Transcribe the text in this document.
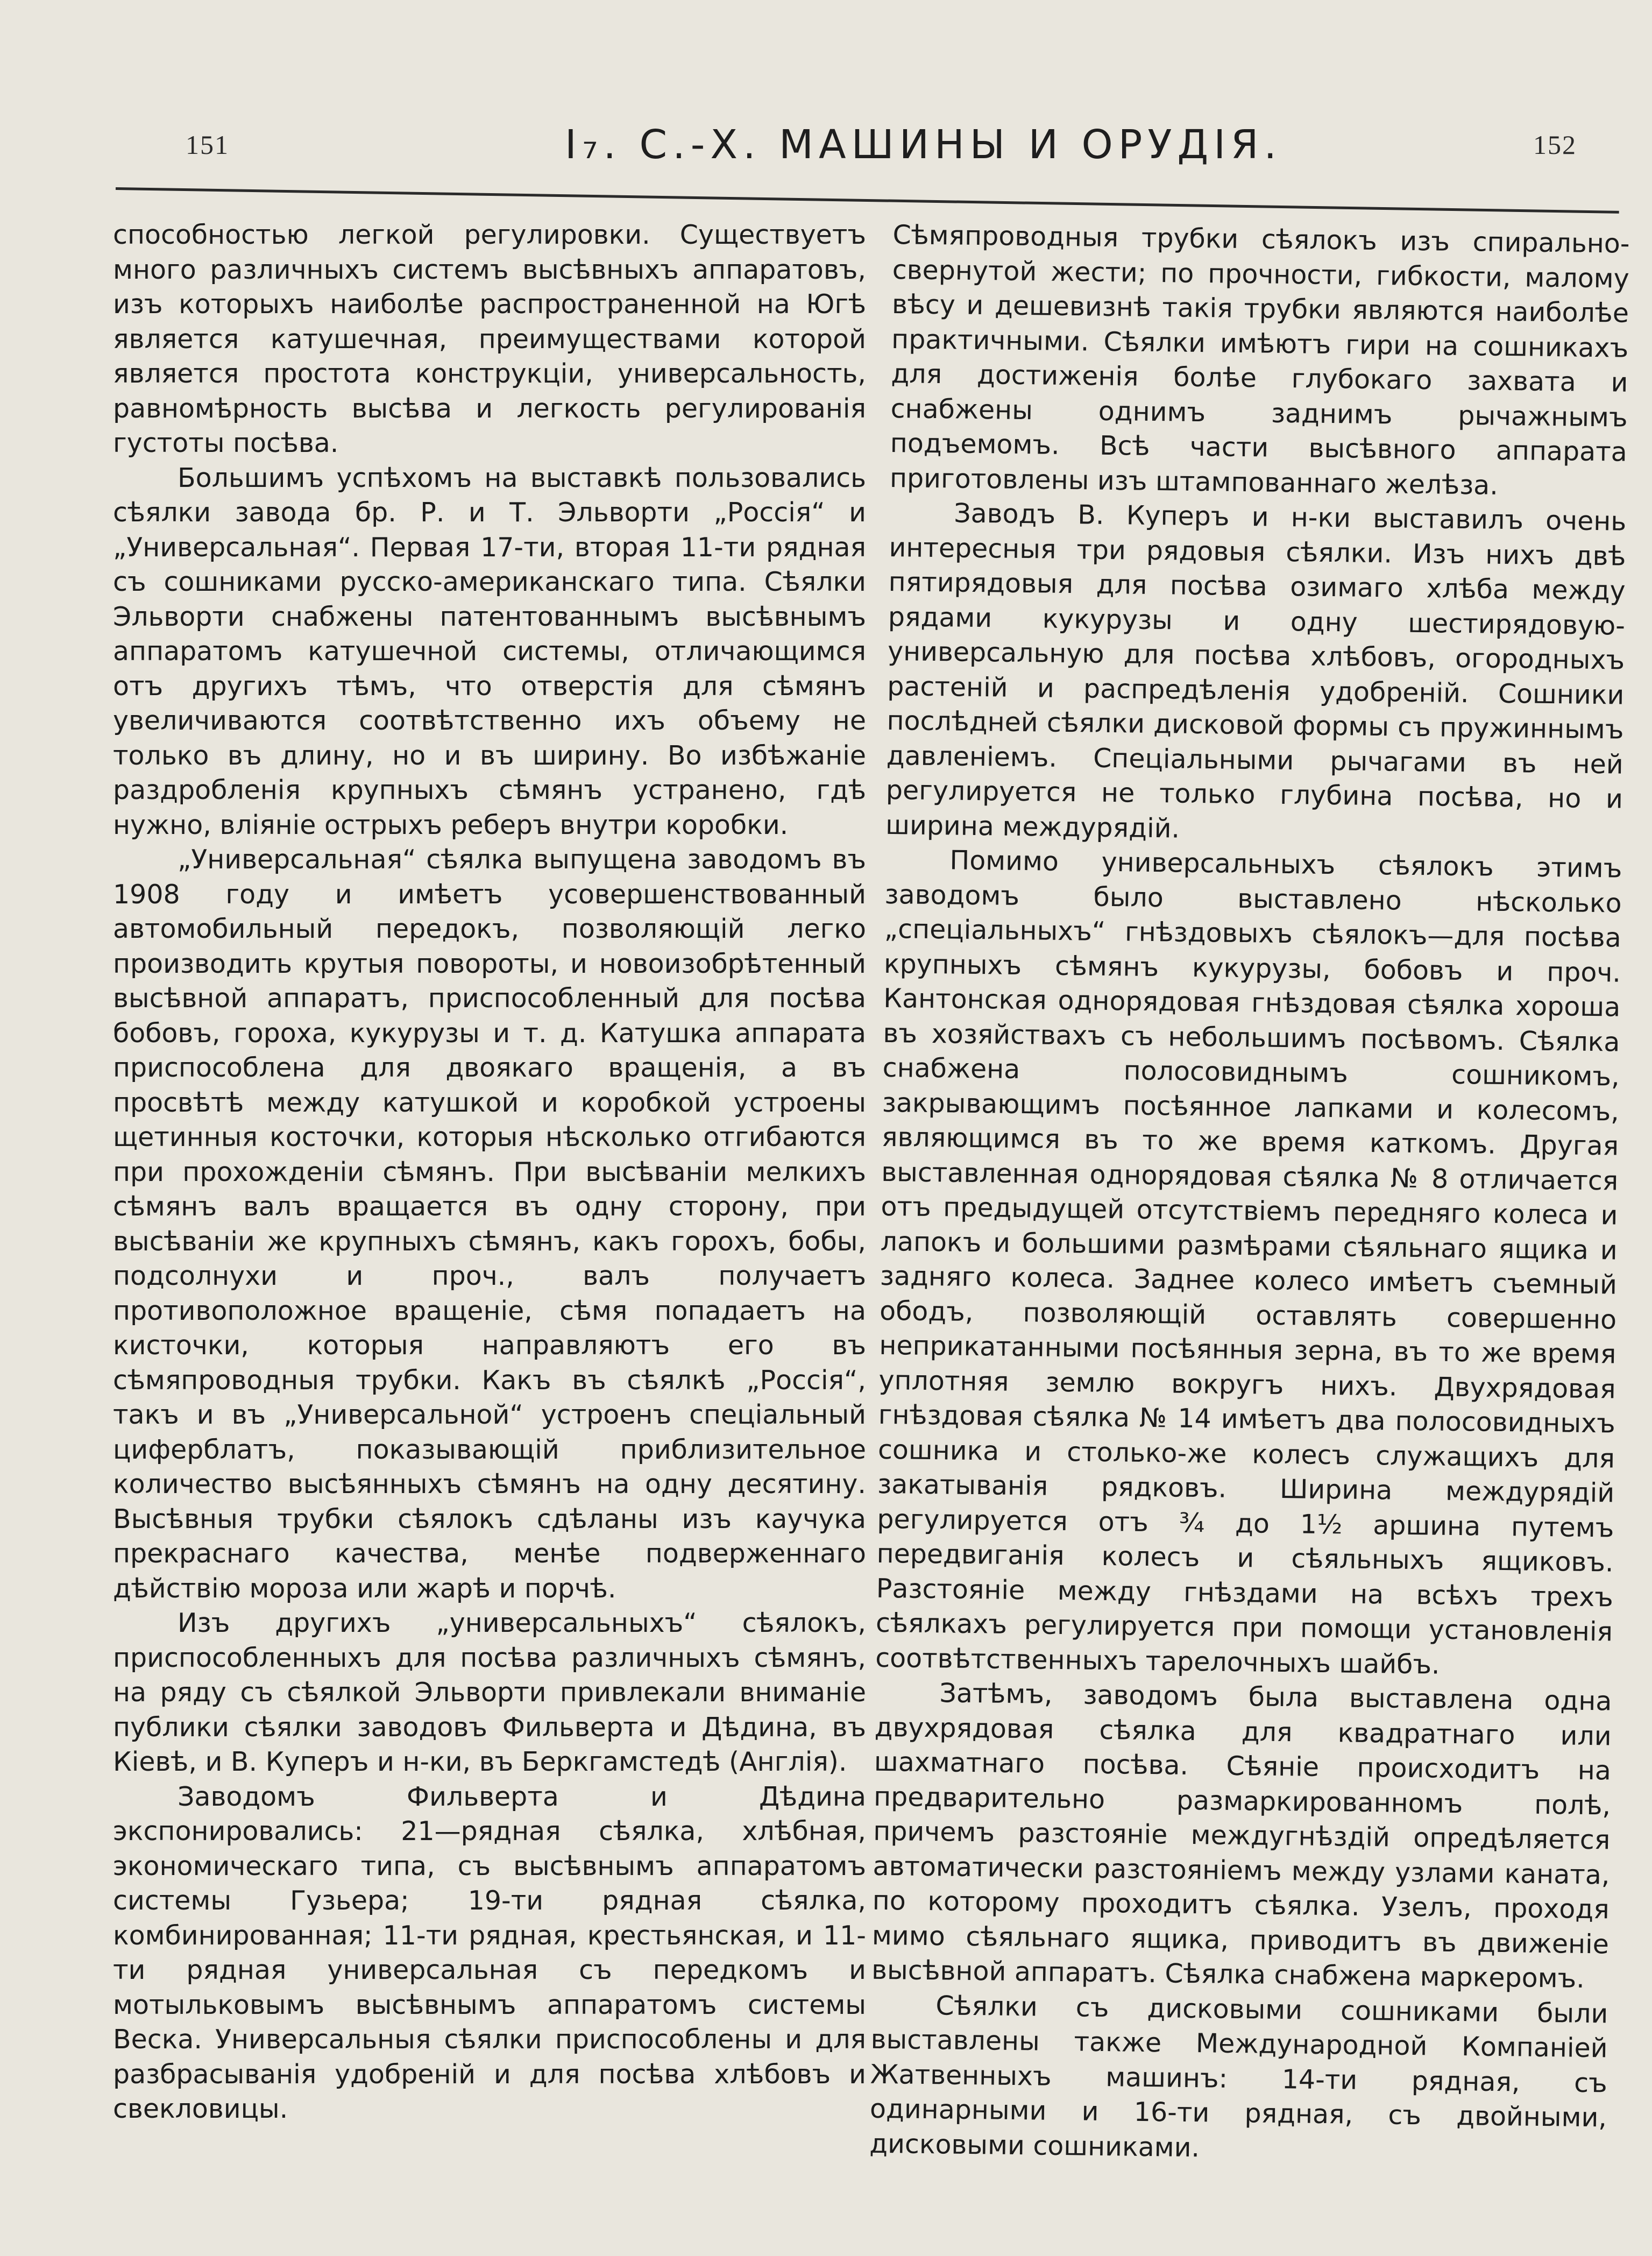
151	I₇. С.-Х. МАШИНЫ И ОРУДІЯ.	152

способностью легкой регулировки. Существуетъ много различныхъ системъ высѣвныхъ аппаратовъ, изъ которыхъ наиболѣе распространенной на Югѣ является катушечная, преимуществами которой является простота конструкціи, универсальность, равномѣрность высѣва и легкость регулированія густоты посѣва.

Большимъ успѣхомъ на выставкѣ пользовались сѣялки завода бр. Р. и Т. Эльворти „Россія“ и „Универсальная“. Первая 17-ти, вторая 11-ти рядная съ сошниками русско-американскаго типа. Сѣялки Эльворти снабжены патентованнымъ высѣвнымъ аппаратомъ катушечной системы, отличающимся отъ другихъ тѣмъ, что отверстія для сѣмянъ увеличиваются соотвѣтственно ихъ объему не только въ длину, но и въ ширину. Во избѣжаніе раздробленія крупныхъ сѣмянъ устранено, гдѣ нужно, вліяніе острыхъ реберъ внутри коробки.

„Универсальная“ сѣялка выпущена заводомъ въ 1908 году и имѣетъ усовершенствованный автомобильный передокъ, позволяющій легко производить крутыя повороты, и новоизобрѣтенный высѣвной аппаратъ, приспособленный для посѣва бобовъ, гороха, кукурузы и т. д. Катушка аппарата приспособлена для двоякаго вращенія, а въ просвѣтѣ между катушкой и коробкой устроены щетинныя косточки, которыя нѣсколько отгибаются при прохожденіи сѣмянъ. При высѣваніи мелкихъ сѣмянъ валъ вращается въ одну сторону, при высѣваніи же крупныхъ сѣмянъ, какъ горохъ, бобы, подсолнухи и проч., валъ получаетъ противоположное вращеніе, сѣмя попадаетъ на кисточки, которыя направляютъ его въ сѣмяпроводныя трубки. Какъ въ сѣялкѣ „Россія“, такъ и въ „Универсальной“ устроенъ спеціальный циферблатъ, показывающій приблизительное количество высѣянныхъ сѣмянъ на одну десятину. Высѣвныя трубки сѣялокъ сдѣланы изъ каучука прекраснаго качества, менѣе подверженнаго дѣйствію мороза или жарѣ и порчѣ.

Изъ другихъ „универсальныхъ“ сѣялокъ, приспособленныхъ для посѣва различныхъ сѣмянъ, на ряду съ сѣялкой Эльворти привлекали вниманіе публики сѣялки заводовъ Фильверта и Дѣдина, въ Кіевѣ, и В. Куперъ и н-ки, въ Беркгамстедѣ (Англія).

Заводомъ Фильверта и Дѣдина экспонировались: 21—рядная сѣялка, хлѣбная, экономическаго типа, съ высѣвнымъ аппаратомъ системы Гузьера; 19-ти рядная сѣялка, комбинированная; 11-ти рядная, крестьянская, и 11-ти рядная универсальная съ передкомъ и мотыльковымъ высѣвнымъ аппаратомъ системы Веска. Универсальныя сѣялки приспособлены и для разбрасыванія удобреній и для посѣва хлѣбовъ и свекловицы.

Сѣмяпроводныя трубки сѣялокъ изъ спирально-свернутой жести; по прочности, гибкости, малому вѣсу и дешевизнѣ такія трубки являются наиболѣе практичными. Сѣялки имѣютъ гири на сошникахъ для достиженія болѣе глубокаго захвата и снабжены однимъ заднимъ рычажнымъ подъемомъ. Всѣ части высѣвного аппарата приготовлены изъ штампованнаго желѣза.

Заводъ В. Куперъ и н-ки выставилъ очень интересныя три рядовыя сѣялки. Изъ нихъ двѣ пятирядовыя для посѣва озимаго хлѣба между рядами кукурузы и одну шестирядовую-универсальную для посѣва хлѣбовъ, огородныхъ растеній и распредѣленія удобреній. Сошники послѣдней сѣялки дисковой формы съ пружиннымъ давленіемъ. Спеціальными рычагами въ ней регулируется не только глубина посѣва, но и ширина междурядій.

Помимо универсальныхъ сѣялокъ этимъ заводомъ было выставлено нѣсколько „спеціальныхъ“ гнѣздовыхъ сѣялокъ—для посѣва крупныхъ сѣмянъ кукурузы, бобовъ и проч. Кантонская однорядовая гнѣздовая сѣялка хороша въ хозяйствахъ съ небольшимъ посѣвомъ. Сѣялка снабжена полосовиднымъ сошникомъ, закрывающимъ посѣянное лапками и колесомъ, являющимся въ то же время каткомъ. Другая выставленная однорядовая сѣялка № 8 отличается отъ предыдущей отсутствіемъ передняго колеса и лапокъ и большими размѣрами сѣяльнаго ящика и задняго колеса. Заднее колесо имѣетъ съемный ободъ, позволяющій оставлять совершенно неприкатанными посѣянныя зерна, въ то же время уплотняя землю вокругъ нихъ. Двухрядовая гнѣздовая сѣялка № 14 имѣетъ два полосовидныхъ сошника и столько-же колесъ служащихъ для закатыванія рядковъ. Ширина междурядій регулируется отъ ¾ до 1½ аршина путемъ передвиганія колесъ и сѣяльныхъ ящиковъ. Разстояніе между гнѣздами на всѣхъ трехъ сѣялкахъ регулируется при помощи установленія соотвѣтственныхъ тарелочныхъ шайбъ.

Затѣмъ, заводомъ была выставлена одна двухрядовая сѣялка для квадратнаго или шахматнаго посѣва. Сѣяніе происходитъ на предварительно размаркированномъ полѣ, причемъ разстояніе междугнѣздій опредѣляется автоматически разстояніемъ между узлами каната, по которому проходитъ сѣялка. Узелъ, проходя мимо сѣяльнаго ящика, приводитъ въ движеніе высѣвной аппаратъ. Сѣялка снабжена маркеромъ.

Сѣялки съ дисковыми сошниками были выставлены также Международной Компаніей Жатвенныхъ машинъ: 14-ти рядная, съ одинарными и 16-ти рядная, съ двойными, дисковыми сошниками.
